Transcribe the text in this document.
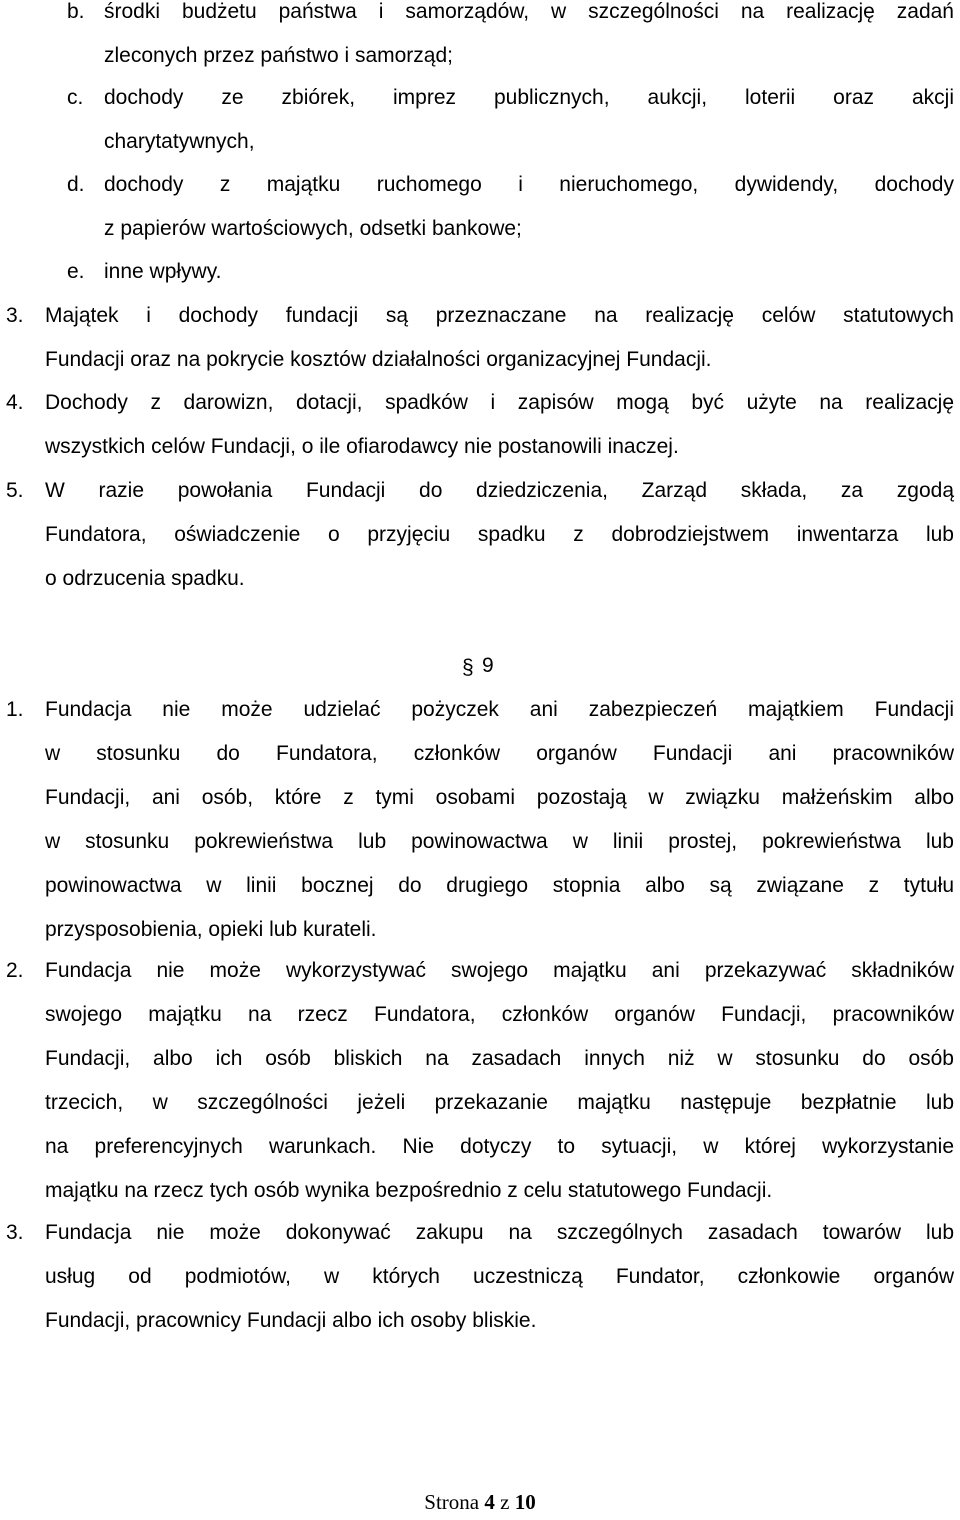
b. środki budżetu państwa i samorządów, w szczególności na realizację zadań
zleconych przez państwo i samorząd;
c. dochody ze zbiórek, imprez publicznych, aukcji, loterii oraz akcji
charytatywnych,
d. dochody z majątku ruchomego i nieruchomego, dywidendy, dochody
z papierów wartościowych, odsetki bankowe;
e. inne wpływy.
3. Majątek i dochody fundacji są przeznaczane na realizację celów statutowych
Fundacji oraz na pokrycie kosztów działalności organizacyjnej Fundacji.
4. Dochody z darowizn, dotacji, spadków i zapisów mogą być użyte na realizację
wszystkich celów Fundacji, o ile ofiarodawcy nie postanowili inaczej.
5. W razie powołania Fundacji do dziedziczenia, Zarząd składa, za zgodą
Fundatora, oświadczenie o przyjęciu spadku z dobrodziejstwem inwentarza lub
o odrzucenia spadku.
§ 9
1. Fundacja nie może udzielać pożyczek ani zabezpieczeń majątkiem Fundacji
w stosunku do Fundatora, członków organów Fundacji ani pracowników
Fundacji, ani osób, które z tymi osobami pozostają w związku małżeńskim albo
w stosunku pokrewieństwa lub powinowactwa w linii prostej, pokrewieństwa lub
powinowactwa w linii bocznej do drugiego stopnia albo są związane z tytułu
przysposobienia, opieki lub kurateli.
2. Fundacja nie może wykorzystywać swojego majątku ani przekazywać składników
swojego majątku na rzecz Fundatora, członków organów Fundacji, pracowników
Fundacji, albo ich osób bliskich na zasadach innych niż w stosunku do osób
trzecich, w szczególności jeżeli przekazanie majątku następuje bezpłatnie lub
na preferencyjnych warunkach. Nie dotyczy to sytuacji, w której wykorzystanie
majątku na rzecz tych osób wynika bezpośrednio z celu statutowego Fundacji.
3. Fundacja nie może dokonywać zakupu na szczególnych zasadach towarów lub
usług od podmiotów, w których uczestniczą Fundator, członkowie organów
Fundacji, pracownicy Fundacji albo ich osoby bliskie.
Strona 4 z 10
